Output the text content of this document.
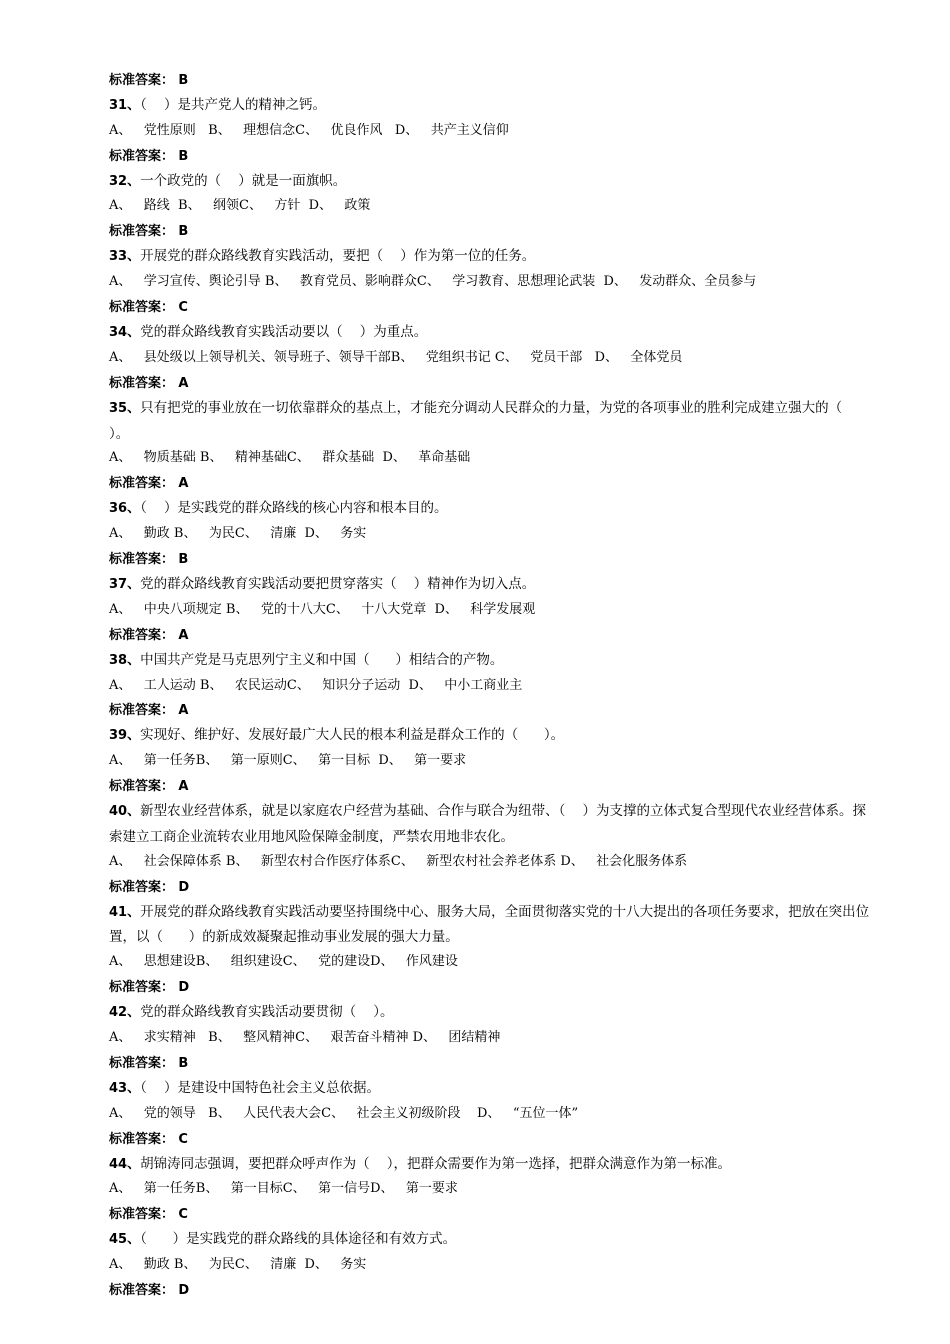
标准答案： B
31、（    ）是共产党人的精神之钙。
A、   党性原则   B、   理想信念C、   优良作风   D、   共产主义信仰
标准答案： B
32、一个政党的（    ）就是一面旗帜。
A、   路线  B、   纲领C、   方针  D、   政策
标准答案： B
33、开展党的群众路线教育实践活动，要把（    ）作为第一位的任务。
A、   学习宣传、舆论引导 B、   教育党员、影响群众C、   学习教育、思想理论武装  D、   发动群众、全员参与
标准答案： C
34、党的群众路线教育实践活动要以（    ）为重点。
A、   县处级以上领导机关、领导班子、领导干部B、   党组织书记 C、   党员干部   D、   全体党员
标准答案： A
35、只有把党的事业放在一切依靠群众的基点上，才能充分调动人民群众的力量，为党的各项事业的胜利完成建立强大的（    ）。
A、   物质基础 B、   精神基础C、   群众基础  D、   革命基础
标准答案： A
36、（    ）是实践党的群众路线的核心内容和根本目的。
A、   勤政 B、   为民C、   清廉  D、   务实
标准答案： B
37、党的群众路线教育实践活动要把贯穿落实（    ）精神作为切入点。
A、   中央八项规定 B、   党的十八大C、   十八大党章  D、   科学发展观
标准答案： A
38、中国共产党是马克思列宁主义和中国（      ）相结合的产物。
A、   工人运动 B、   农民运动C、   知识分子运动  D、   中小工商业主
标准答案： A
39、实现好、维护好、发展好最广大人民的根本利益是群众工作的（      ）。
A、   第一任务B、   第一原则C、   第一目标  D、   第一要求
标准答案： A
40、新型农业经营体系，就是以家庭农户经营为基础、合作与联合为纽带、（    ）为支撑的立体式复合型现代农业经营体系。探索建立工商企业流转农业用地风险保障金制度，严禁农用地非农化。
A、   社会保障体系 B、   新型农村合作医疗体系C、   新型农村社会养老体系 D、   社会化服务体系
标准答案： D
41、开展党的群众路线教育实践活动要坚持围绕中心、服务大局，全面贯彻落实党的十八大提出的各项任务要求，把放在突出位置，以（      ）的新成效凝聚起推动事业发展的强大力量。
A、   思想建设B、   组织建设C、   党的建设D、   作风建设
标准答案： D
42、党的群众路线教育实践活动要贯彻（    ）。
A、   求实精神   B、   整风精神C、   艰苦奋斗精神 D、   团结精神
标准答案： B
43、（    ）是建设中国特色社会主义总依据。
A、   党的领导   B、   人民代表大会C、   社会主义初级阶段    D、   “五位一体”
标准答案： C
44、胡锦涛同志强调，要把群众呼声作为（    ），把群众需要作为第一选择，把群众满意作为第一标准。
A、   第一任务B、   第一目标C、   第一信号D、   第一要求
标准答案： C
45、（      ）是实践党的群众路线的具体途径和有效方式。
A、   勤政 B、   为民C、   清廉  D、   务实
标准答案： D
